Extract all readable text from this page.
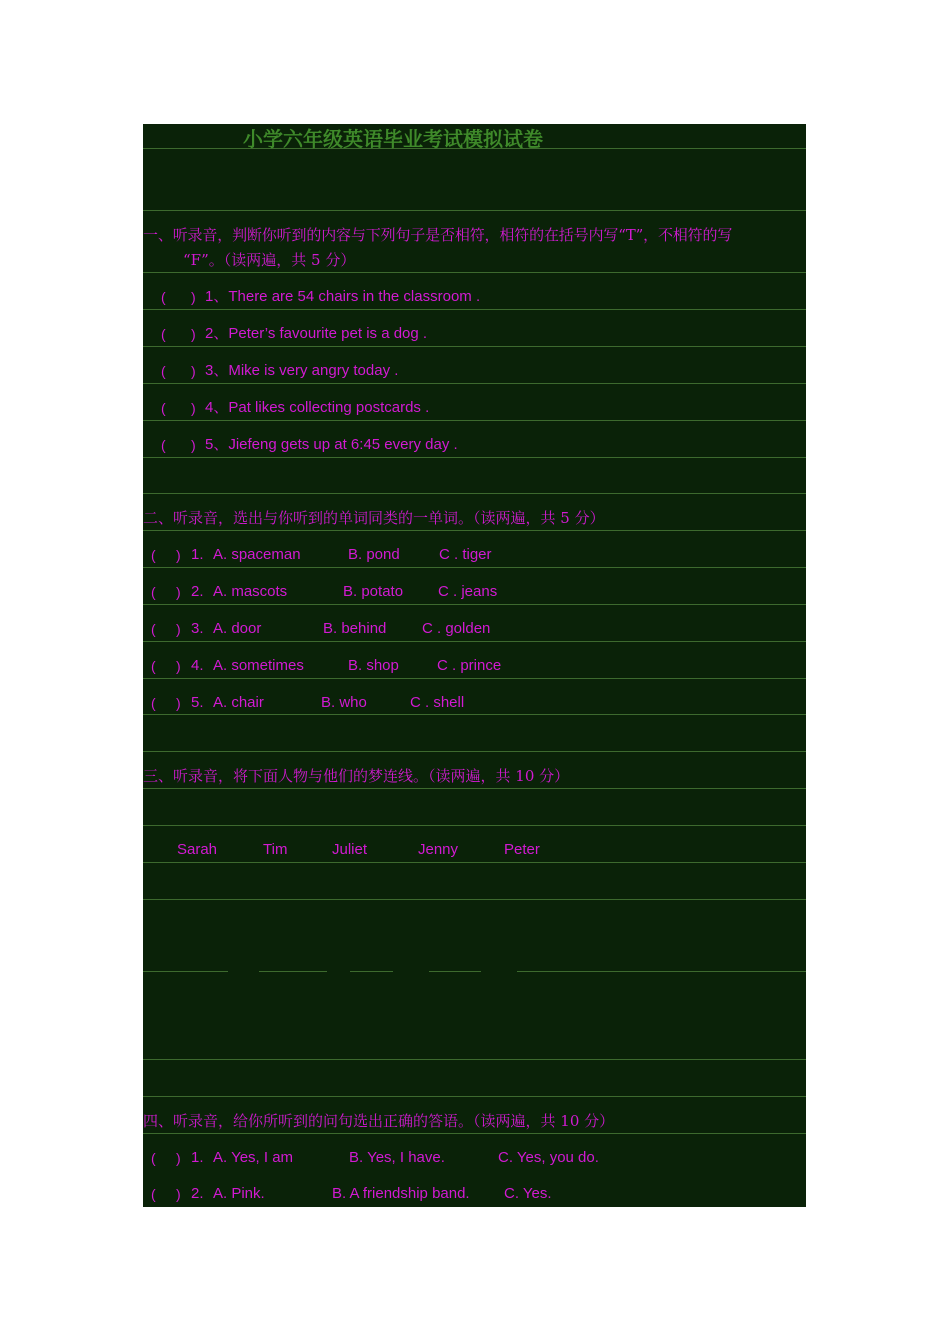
小学六年级英语毕业考试模拟试卷
一、听录音，判断你听到的内容与下列句子是否相符，相符的在括号内写“T”，不相符的写
“F”。（读两遍，共 5 分）
( ) 1、There are 54 chairs in the classroom .
( ) 2、Peter’s favourite pet is a dog .
( ) 3、Mike is very angry today .
( ) 4、Pat likes collecting postcards .
( ) 5、Jiefeng gets up at 6:45 every day .
二、听录音，选出与你听到的单词同类的一单词。（读两遍，共 5 分）
( ) 1. A. spaceman	B. pond	C . tiger
( ) 2. A. mascots	B. potato C . jeans
( ) 3. A. door	B. behind C . golden
( ) 4. A. sometimes	B. shop	C . prince
( ) 5. A. chair	B. who	C . shell
三、听录音，将下面人物与他们的梦连线。（读两遍，共 10 分）
Sarah	Tim	Juliet	Jenny	Peter
四、听录音，给你所听到的问句选出正确的答语。（读两遍，共 10 分）
( ) 1. A. Yes, I am	B. Yes, I have.	C. Yes, you do.
( ) 2. A. Pink.	B. A friendship band. C. Yes.
